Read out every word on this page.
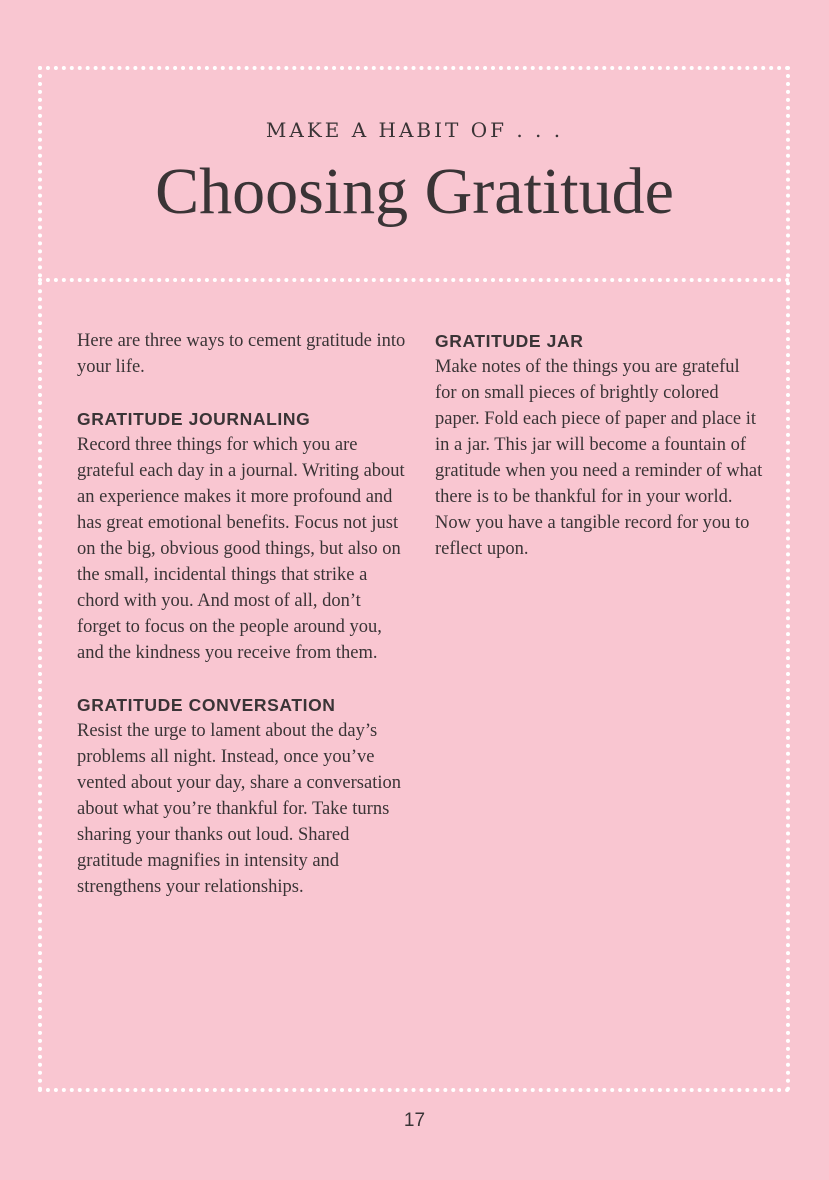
MAKE A HABIT OF . . .
Choosing Gratitude

Here are three ways to cement gratitude into your life.

GRATITUDE JOURNALING

Record three things for which you are grateful each day in a journal. Writing about an experience makes it more profound and has great emotional benefits. Focus not just on the big, obvious good things, but also on the small, incidental things that strike a chord with you. And most of all, don’t forget to focus on the people around you, and the kindness you receive from them.

GRATITUDE CONVERSATION

Resist the urge to lament about the day’s problems all night. Instead, once you’ve vented about your day, share a conversation about what you’re thankful for. Take turns sharing your thanks out loud. Shared gratitude magnifies in intensity and strengthens your relationships.

GRATITUDE JAR

Make notes of the things you are grateful for on small pieces of brightly colored paper. Fold each piece of paper and place it in a jar. This jar will become a fountain of gratitude when you need a reminder of what there is to be thankful for in your world. Now you have a tangible record for you to reflect upon.

17
